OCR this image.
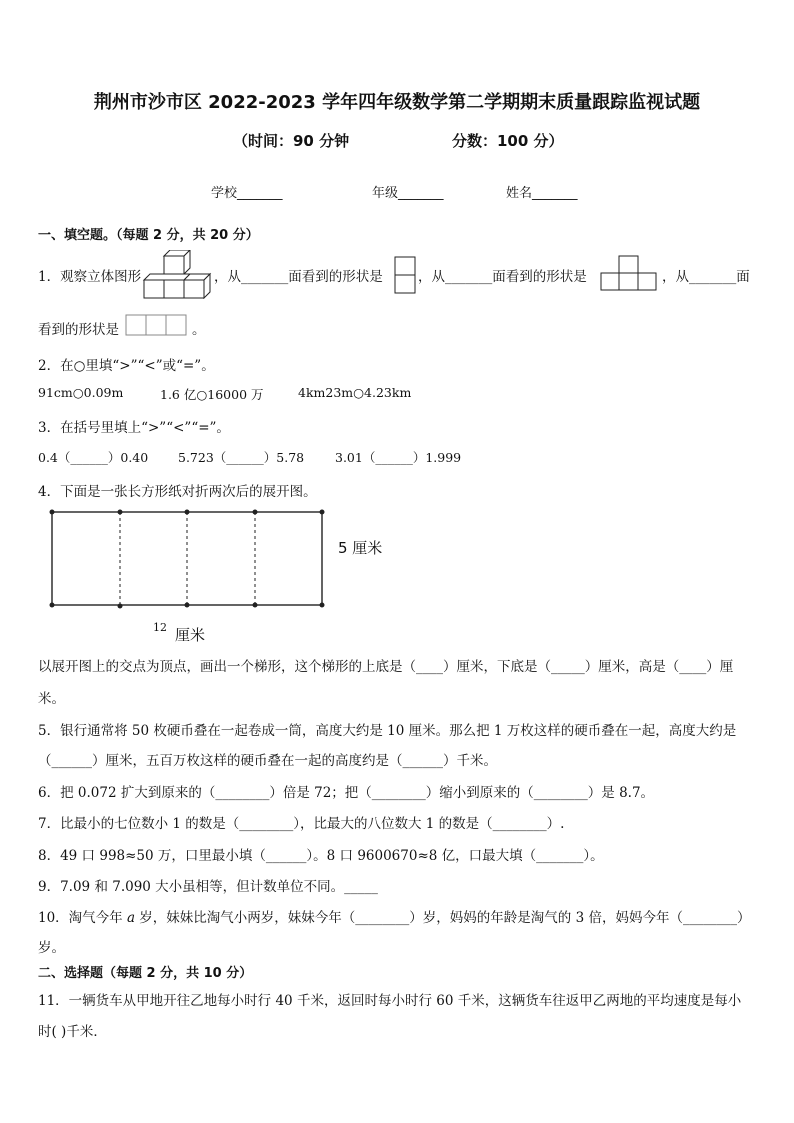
荆州市沙市区 2022-2023 学年四年级数学第二学期期末质量跟踪监视试题
（时间：90 分钟	分数：100 分）
学校_______	年级_______	姓名_______
一、填空题。（每题 2 分，共 20 分）
1．观察立体图形	，从_______面看到的形状是	，从_______面看到的形状是	，从_______面
看到的形状是	。
2．在○里填“>”“<”或“=”。
91cm○0.09m	1.6 亿○16000 万	4km23m○4.23km
3．在括号里填上“>”“<”“=”。
0.4（______）0.40 5.723（______）5.78 3.01（______）1.999
4．下面是一张长方形纸对折两次后的展开图。
5 厘米
12 厘米
以展开图上的交点为顶点，画出一个梯形，这个梯形的上底是（____）厘米，下底是（_____）厘米，高是（____）厘
米。
5．银行通常将 50 枚硬币叠在一起卷成一筒，高度大约是 10 厘米。那么把 1 万枚这样的硬币叠在一起，高度大约是
（______）厘米，五百万枚这样的硬币叠在一起的高度约是（______）千米。
6．把 0.072 扩大到原来的（________）倍是 72；把（________）缩小到原来的（________）是 8.7。
7．比最小的七位数小 1 的数是（________），比最大的八位数大 1 的数是（________）.
8．49 口 998≈50 万，口里最小填（______）。8 口 9600670≈8 亿，口最大填（_______）。
9．7.09 和 7.090 大小虽相等，但计数单位不同。_____
10．淘气今年 𝑎 岁，妹妹比淘气小两岁，妹妹今年（________）岁，妈妈的年龄是淘气的 3 倍，妈妈今年（________）
岁。
二、选择题（每题 2 分，共 10 分）
11．一辆货车从甲地开往乙地每小时行 40 千米，返回时每小时行 60 千米，这辆货车往返甲乙两地的平均速度是每小
时( )千米．
